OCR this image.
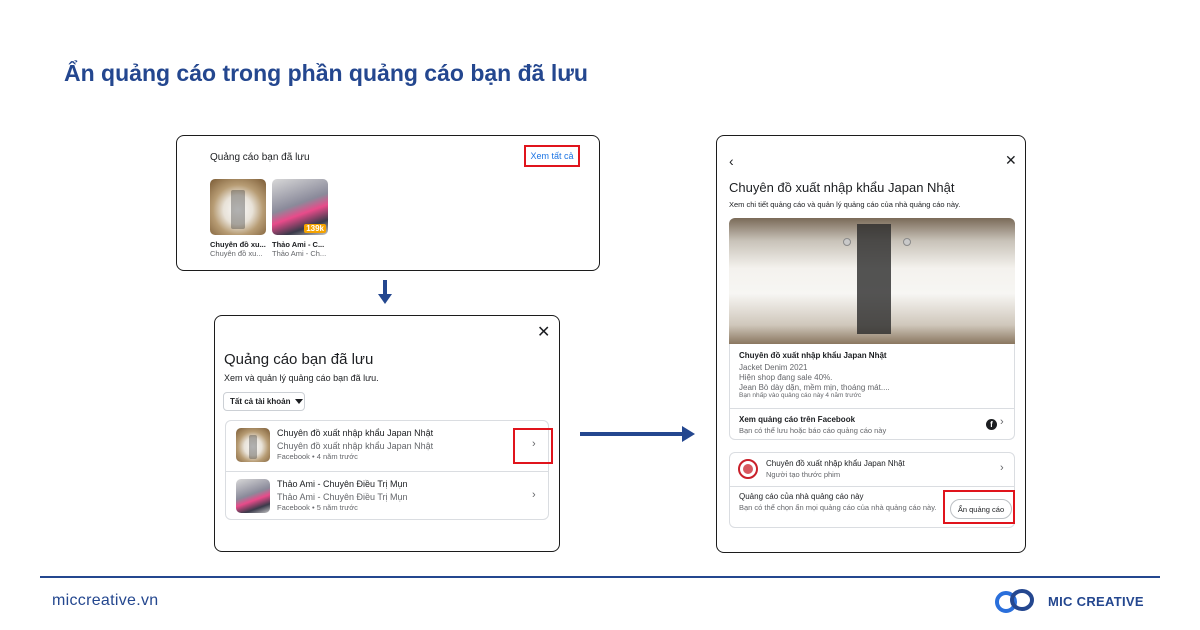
Ẩn quảng cáo trong phần quảng cáo bạn đã lưu
Quảng cáo bạn đã lưu	Xem tất cả
139k
Chuyên đồ xu...
Chuyên đồ xu...
Thảo Ami - C...
Thảo Ami - Ch...
✕
Quảng cáo bạn đã lưu
Xem và quản lý quảng cáo bạn đã lưu.
Tất cả tài khoản
Chuyên đồ xuất nhập khẩu Japan Nhật
Chuyên đồ xuất nhập khẩu Japan Nhật
Facebook • 4 năm trước
›
Thảo Ami - Chuyên Điều Trị Mụn
Thảo Ami - Chuyên Điều Trị Mụn
Facebook • 5 năm trước
›
‹	✕
Chuyên đồ xuất nhập khẩu Japan Nhật
Xem chi tiết quảng cáo và quản lý quảng cáo của nhà quảng cáo này.
Chuyên đồ xuất nhập khẩu Japan Nhật
Jacket Denim 2021
Hiện shop đang sale 40%.
Jean Bò dày dặn, mềm mịn, thoáng mát....
Bạn nhấp vào quảng cáo này 4 năm trước
Xem quảng cáo trên Facebook
Bạn có thể lưu hoặc báo cáo quảng cáo này
f ›
Chuyên đồ xuất nhập khẩu Japan Nhật
Người tạo thước phim
›
Quảng cáo của nhà quảng cáo này
Bạn có thể chọn ẩn mọi quảng cáo của nhà quảng cáo này.	Ẩn quảng cáo
miccreative.vn	MIC CREATIVE
